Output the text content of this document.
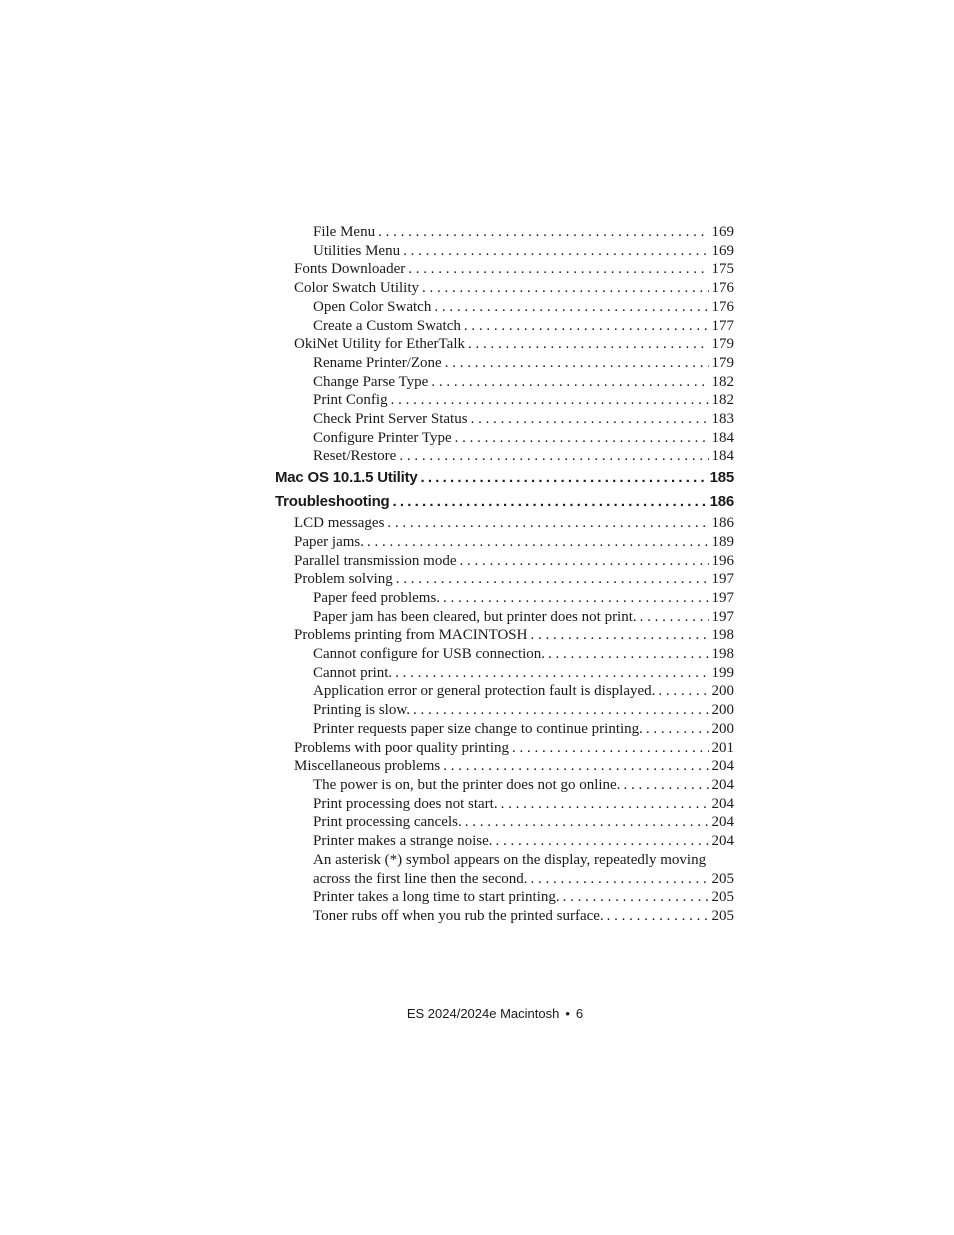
File Menu . . .	169
Utilities Menu . . .	169
Fonts Downloader . . .	175
Color Swatch Utility . . .	176
Open Color Swatch . . .	176
Create a Custom Swatch . . .	177
OkiNet Utility for EtherTalk . . .	179
Rename Printer/Zone . . .	179
Change Parse Type . . .	182
Print Config . . .	182
Check Print Server Status . . .	183
Configure Printer Type . . .	184
Reset/Restore . . .	184
Mac OS 10.1.5 Utility .....	185
Troubleshooting .....	186
LCD messages . . .	186
Paper jams. . . .	189
Parallel transmission mode . . .	196
Problem solving . . .	197
Paper feed problems. . . .	197
Paper jam has been cleared, but printer does not print. . . .	197
Problems printing from MACINTOSH . . .	198
Cannot configure for USB connection. . . .	198
Cannot print. . . .	199
Application error or general protection fault is displayed. . . .	200
Printing is slow. . . .	200
Printer requests paper size change to continue printing. . . .	200
Problems with poor quality printing . . .	201
Miscellaneous problems . . .	204
The power is on, but the printer does not go online. . . .	204
Print processing does not start. . . .	204
Print processing cancels. . . .	204
Printer makes a strange noise. . . .	204
An asterisk (*) symbol appears on the display, repeatedly moving
across the first line then the second. . . .	205
Printer takes a long time to start printing. . . .	205
Toner rubs off when you rub the printed surface. . . .	205
ES 2024/2024e Macintosh • 6
